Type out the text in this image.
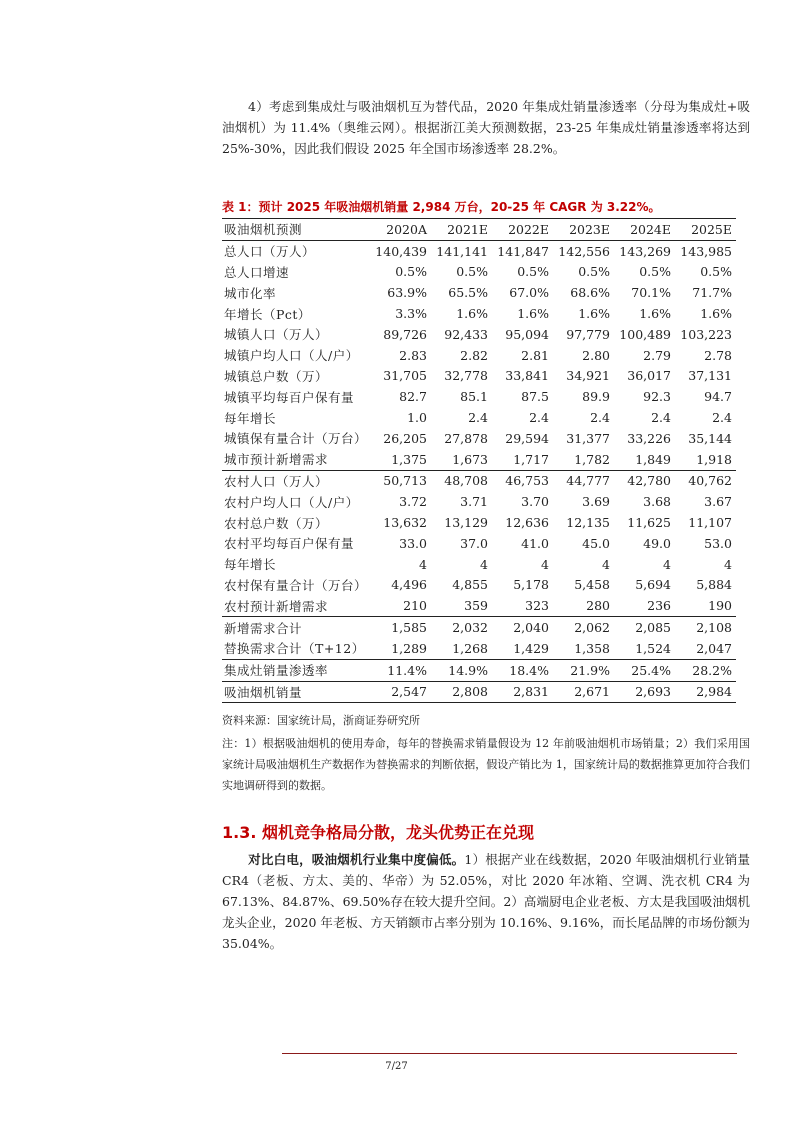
4）考虑到集成灶与吸油烟机互为替代品，2020 年集成灶销量渗透率（分母为集成灶+吸油烟机）为 11.4%（奥维云网）。根据浙江美大预测数据，23-25 年集成灶销量渗透率将达到 25%-30%，因此我们假设 2025 年全国市场渗透率 28.2%。

表 1：预计 2025 年吸油烟机销量 2,984 万台，20-25 年 CAGR 为 3.22%。

吸油烟机预测	2020A	2021E	2022E	2023E	2024E	2025E
总人口（万人）	140,439	141,141	141,847	142,556	143,269	143,985
总人口增速	0.5%	0.5%	0.5%	0.5%	0.5%	0.5%
城市化率	63.9%	65.5%	67.0%	68.6%	70.1%	71.7%
年增长（Pct）	3.3%	1.6%	1.6%	1.6%	1.6%	1.6%
城镇人口（万人）	89,726	92,433	95,094	97,779	100,489	103,223
城镇户均人口（人/户）	2.83	2.82	2.81	2.80	2.79	2.78
城镇总户数（万）	31,705	32,778	33,841	34,921	36,017	37,131
城镇平均每百户保有量	82.7	85.1	87.5	89.9	92.3	94.7
每年增长	1.0	2.4	2.4	2.4	2.4	2.4
城镇保有量合计（万台）	26,205	27,878	29,594	31,377	33,226	35,144
城市预计新增需求	1,375	1,673	1,717	1,782	1,849	1,918
农村人口（万人）	50,713	48,708	46,753	44,777	42,780	40,762
农村户均人口（人/户）	3.72	3.71	3.70	3.69	3.68	3.67
农村总户数（万）	13,632	13,129	12,636	12,135	11,625	11,107
农村平均每百户保有量	33.0	37.0	41.0	45.0	49.0	53.0
每年增长	4	4	4	4	4	4
农村保有量合计（万台）	4,496	4,855	5,178	5,458	5,694	5,884
农村预计新增需求	210	359	323	280	236	190
新增需求合计	1,585	2,032	2,040	2,062	2,085	2,108
替换需求合计（T+12）	1,289	1,268	1,429	1,358	1,524	2,047
集成灶销量渗透率	11.4%	14.9%	18.4%	21.9%	25.4%	28.2%
吸油烟机销量	2,547	2,808	2,831	2,671	2,693	2,984

资料来源：国家统计局，浙商证券研究所

注：1）根据吸油烟机的使用寿命，每年的替换需求销量假设为 12 年前吸油烟机市场销量；2）我们采用国家统计局吸油烟机生产数据作为替换需求的判断依据，假设产销比为 1，国家统计局的数据推算更加符合我们实地调研得到的数据。

1.3. 烟机竞争格局分散，龙头优势正在兑现

对比白电，吸油烟机行业集中度偏低。1）根据产业在线数据，2020 年吸油烟机行业销量 CR4（老板、方太、美的、华帝）为 52.05%，对比 2020 年冰箱、空调、洗衣机 CR4 为 67.13%、84.87%、69.50%存在较大提升空间。2）高端厨电企业老板、方太是我国吸油烟机龙头企业，2020 年老板、方天销额市占率分别为 10.16%、9.16%，而长尾品牌的市场份额为 35.04%。

7/27
